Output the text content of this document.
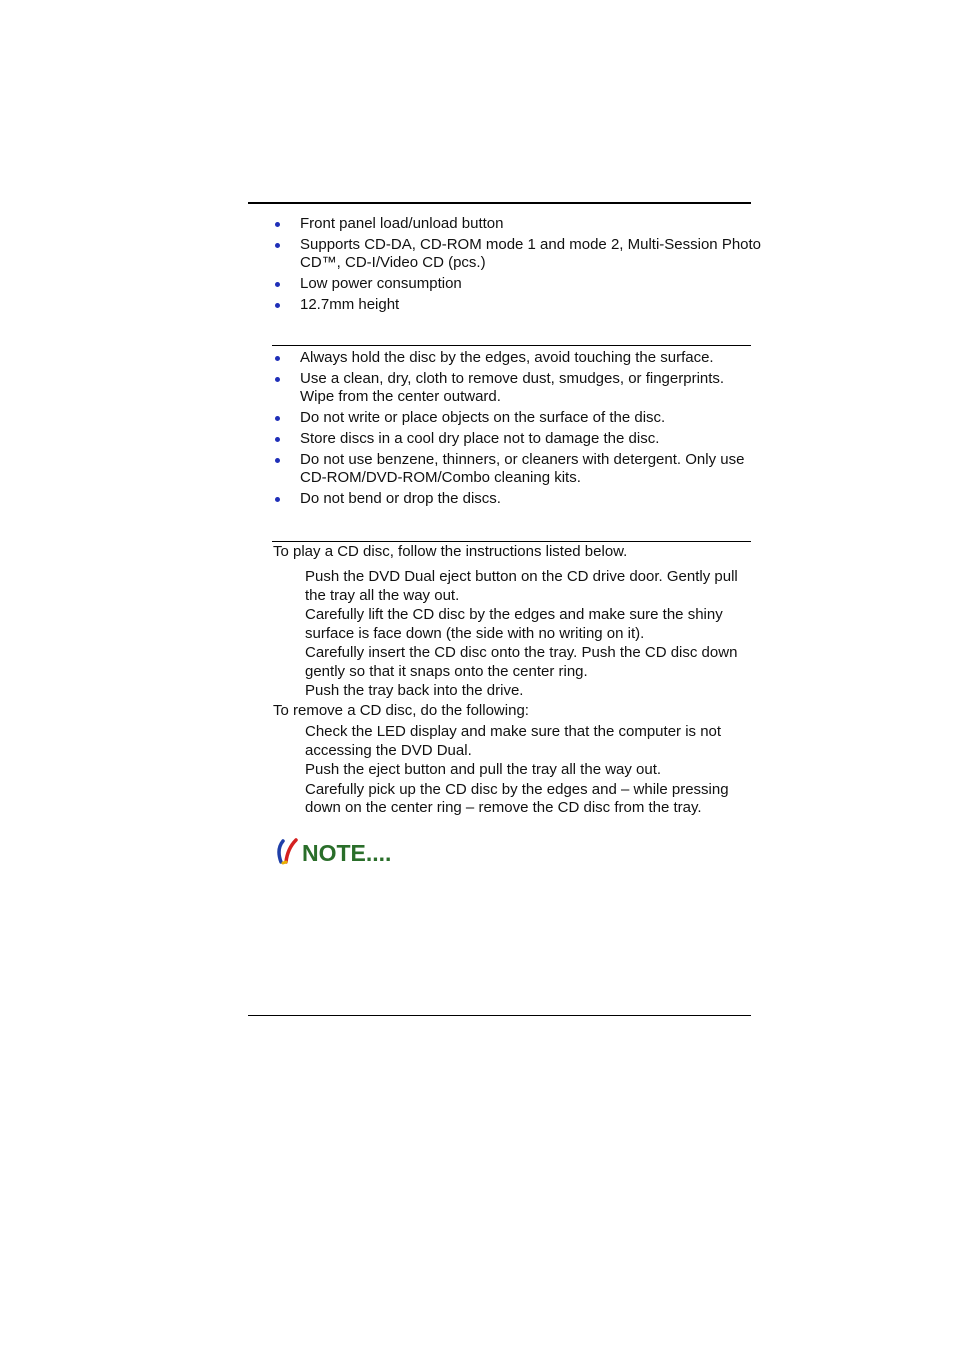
Front panel load/unload button
Supports CD-DA, CD-ROM mode 1 and mode 2, Multi-Session Photo CD™, CD-I/Video CD (pcs.)
Low power consumption
12.7mm height
Always hold the disc by the edges, avoid touching the surface.
Use a clean, dry, cloth to remove dust, smudges, or fingerprints. Wipe from the center outward.
Do not write or place objects on the surface of the disc.
Store discs in a cool dry place not to damage the disc.
Do not use benzene, thinners, or cleaners with detergent. Only use CD-ROM/DVD-ROM/Combo cleaning kits.
Do not bend or drop the discs.
To play a CD disc, follow the instructions listed below.
Push the DVD Dual eject button on the CD drive door. Gently pull the tray all the way out.
Carefully lift the CD disc by the edges and make sure the shiny surface is face down (the side with no writing on it).
Carefully insert the CD disc onto the tray. Push the CD disc down gently so that it snaps onto the center ring.
Push the tray back into the drive.
To remove a CD disc, do the following:
Check the LED display and make sure that the computer is not accessing the DVD Dual.
Push the eject button and pull the tray all the way out.
Carefully pick up the CD disc by the edges and – while pressing down on the center ring – remove the CD disc from the tray.
NOTE....
